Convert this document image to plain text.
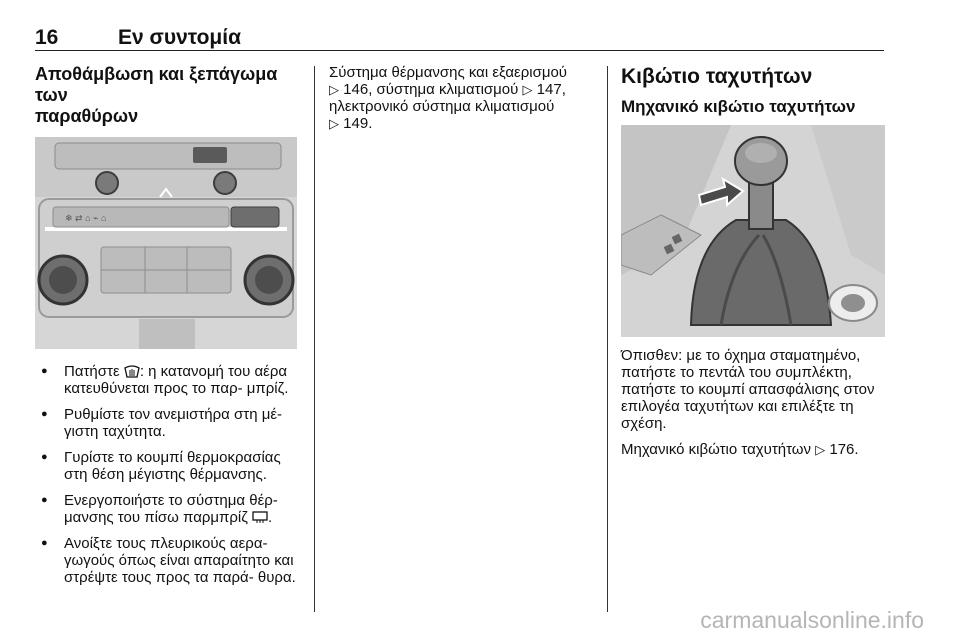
16	Εν συντομία
Αποθάμβωση και ξεπάγωμα των
παραθύρων
❄ ⇄ ⌂ ⌁ ⌂
● Πατήστε : η κατανομή του αέρα κατευθύνεται προς το παρ- μπρίζ.
● Ρυθμίστε τον ανεμιστήρα στη μέ- γιστη ταχύτητα.
● Γυρίστε το κουμπί θερμοκρασίας στη θέση μέγιστης θέρμανσης.
● Ενεργοποιήστε το σύστημα θέρ- μανσης του πίσω παρμπρίζ .
● Ανοίξτε τους πλευρικούς αερα- γωγούς όπως είναι απαραίτητο και στρέψτε τους προς τα παρά- θυρα.
Σύστημα θέρμανσης και εξαερισμού
▷ 146, σύστημα κλιματισμού ▷ 147,
ηλεκτρονικό σύστημα κλιματισμού
▷ 149.
Κιβώτιο ταχυτήτων
Μηχανικό κιβώτιο ταχυτήτων

Όπισθεν: με το όχημα σταματημένο, πατήστε το πεντάλ του συμπλέκτη, πατήστε το κουμπί απασφάλισης στον επιλογέα ταχυτήτων και επιλέξτε τη σχέση.

Μηχανικό κιβώτιο ταχυτήτων ▷ 176.

carmanualsonline.info
